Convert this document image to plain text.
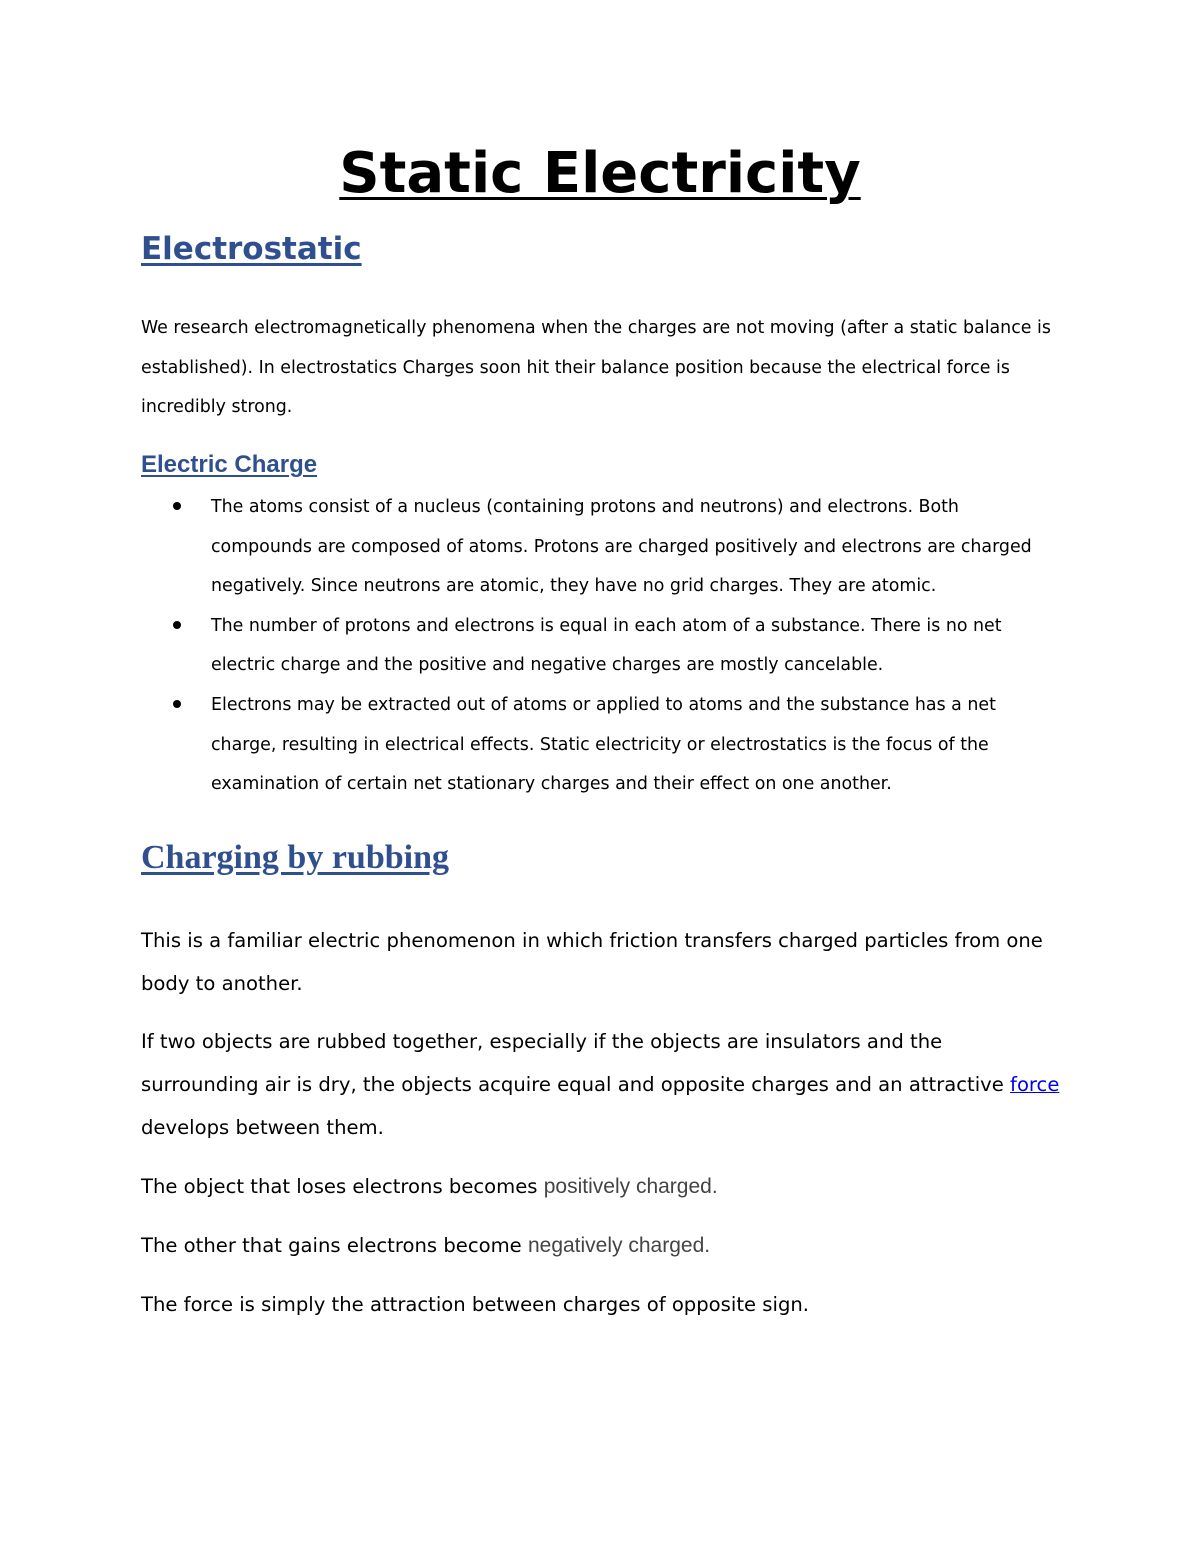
Static Electricity
Electrostatic

We research electromagnetically phenomena when the charges are not moving (after a static balance is established). In electrostatics Charges soon hit their balance position because the electrical force is incredibly strong.

Electric Charge
The atoms consist of a nucleus (containing protons and neutrons) and electrons. Both compounds are composed of atoms. Protons are charged positively and electrons are charged negatively. Since neutrons are atomic, they have no grid charges. They are atomic.
The number of protons and electrons is equal in each atom of a substance. There is no net electric charge and the positive and negative charges are mostly cancelable.
Electrons may be extracted out of atoms or applied to atoms and the substance has a net charge, resulting in electrical effects. Static electricity or electrostatics is the focus of the examination of certain net stationary charges and their effect on one another.
Charging by rubbing

This is a familiar electric phenomenon in which friction transfers charged particles from one body to another.

If two objects are rubbed together, especially if the objects are insulators and the surrounding air is dry, the objects acquire equal and opposite charges and an attractive force develops between them.

The object that loses electrons becomes positively charged.

The other that gains electrons become negatively charged.

The force is simply the attraction between charges of opposite sign.
